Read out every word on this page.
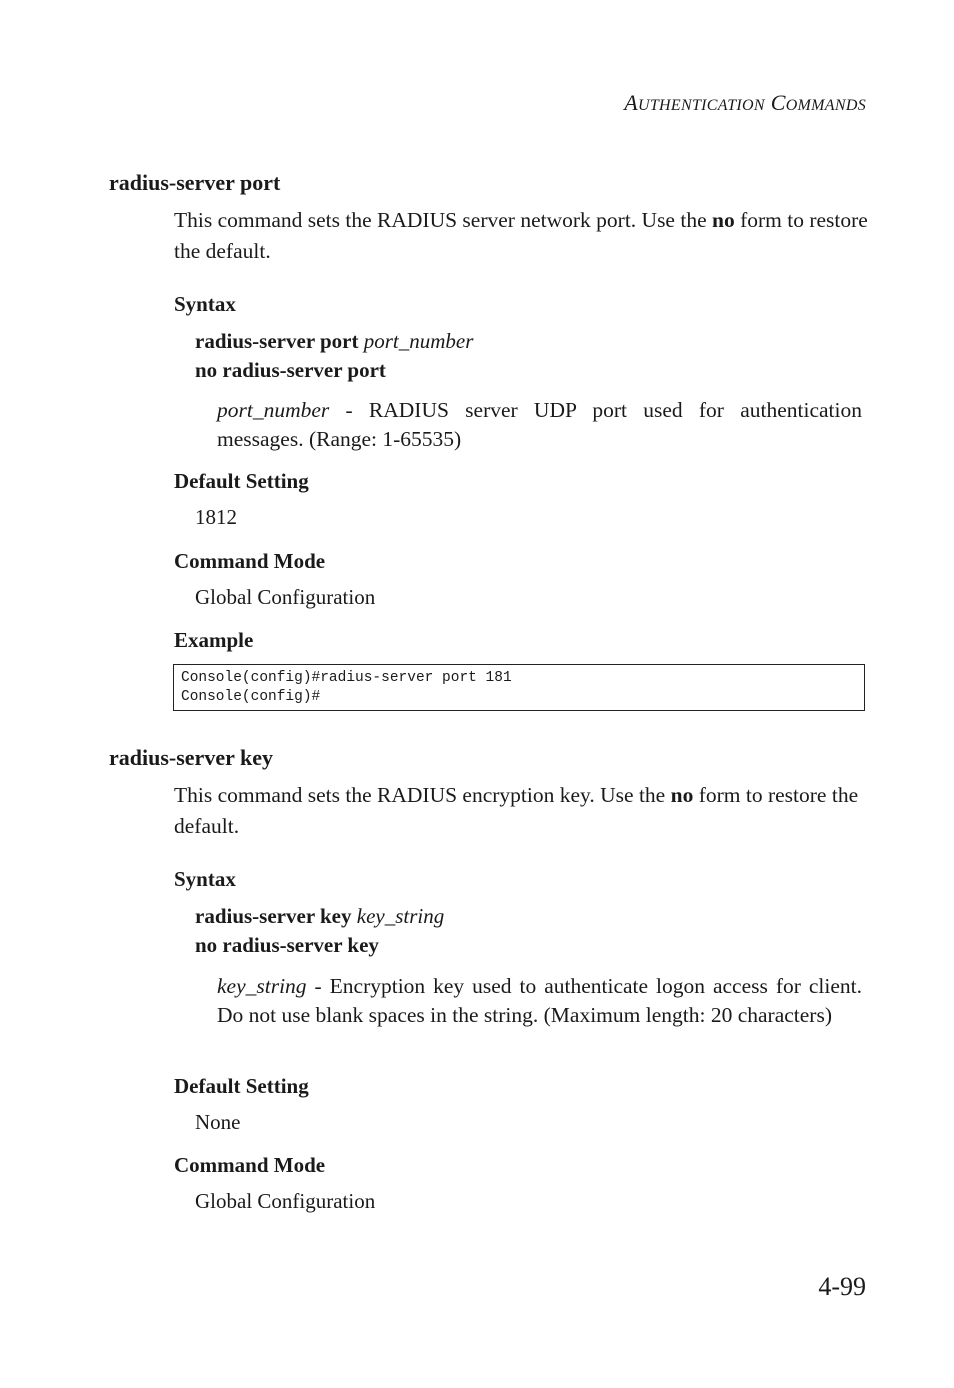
AUTHENTICATION COMMANDS
radius-server port
This command sets the RADIUS server network port. Use the no form to restore the default.
Syntax
radius-server port port_number
no radius-server port
port_number - RADIUS server UDP port used for authentication messages. (Range: 1-65535)
Default Setting
1812
Command Mode
Global Configuration
Example
Console(config)#radius-server port 181
Console(config)#
radius-server key
This command sets the RADIUS encryption key. Use the no form to restore the default.
Syntax
radius-server key key_string
no radius-server key
key_string - Encryption key used to authenticate logon access for client. Do not use blank spaces in the string. (Maximum length: 20 characters)
Default Setting
None
Command Mode
Global Configuration
4-99
